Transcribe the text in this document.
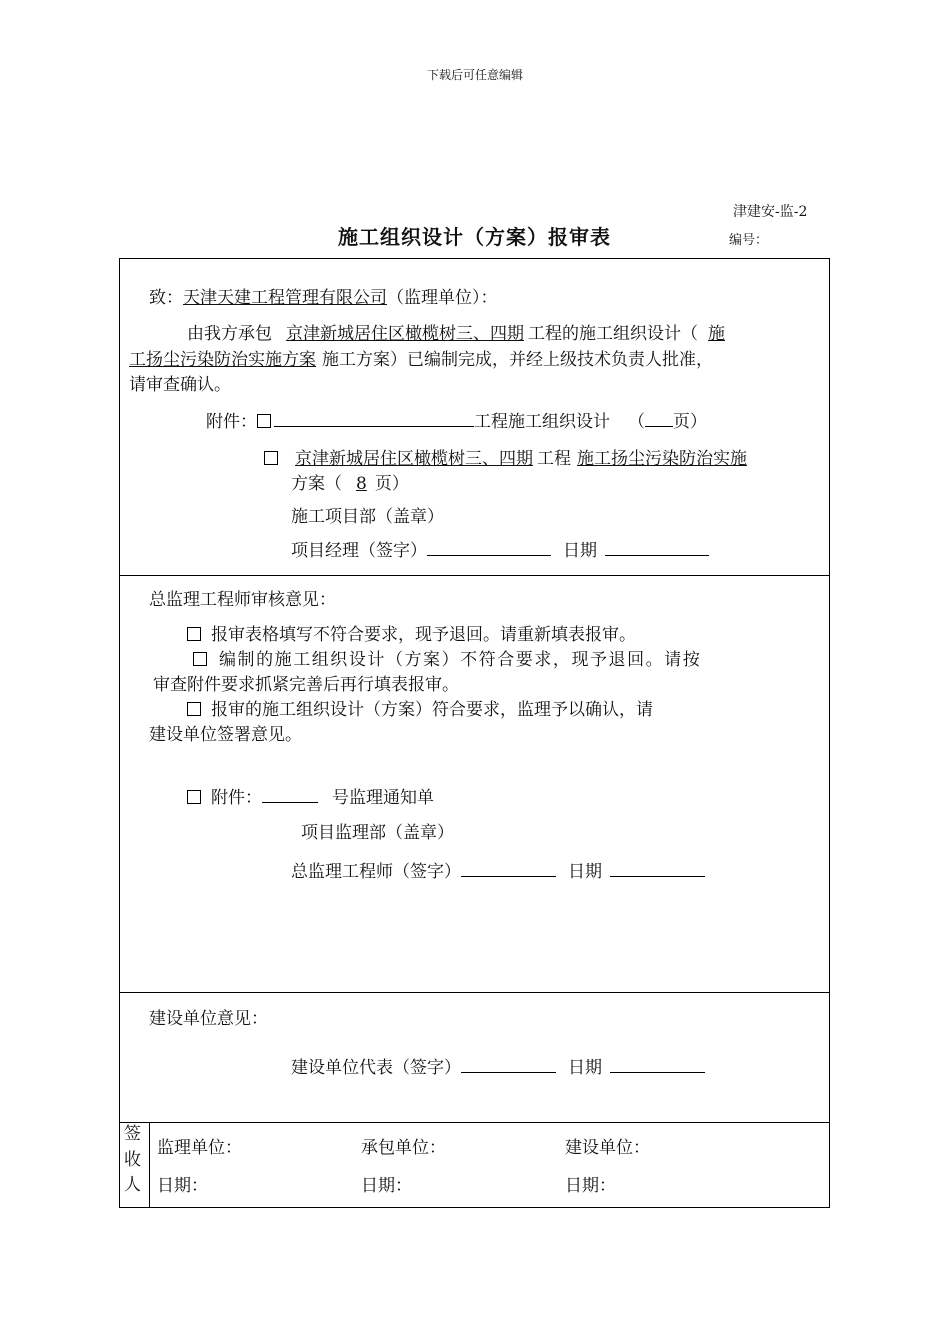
下载后可任意编辑
津建安-监-2
施工组织设计（方案）报审表	编号：
致：天津天建工程管理有限公司（监理单位）：
由我方承包 京津新城居住区橄榄树三、四期 工程的施工组织设计（ 施
工扬尘污染防治实施方案 施工方案）已编制完成，并经上级技术负责人批准，
请审查确认。
附件：	工程施工组织设计 （ 页）
京津新城居住区橄榄树三、四期 工程 施工扬尘污染防治实施
方案（ 8 页）
施工项目部（盖章）
项目经理（签字）	日期
总监理工程师审核意见：
报审表格填写不符合要求，现予退回。请重新填表报审。
编制的施工组织设计（方案）不符合要求，现予退回。请按
审查附件要求抓紧完善后再行填表报审。
报审的施工组织设计（方案）符合要求，监理予以确认，请
建设单位签署意见。
附件：	号监理通知单
项目监理部（盖章）
总监理工程师（签字）	日期
建设单位意见：
建设单位代表（签字）	日期
签
收
人
监理单位：	承包单位：	建设单位：
日期：	日期：	日期：
